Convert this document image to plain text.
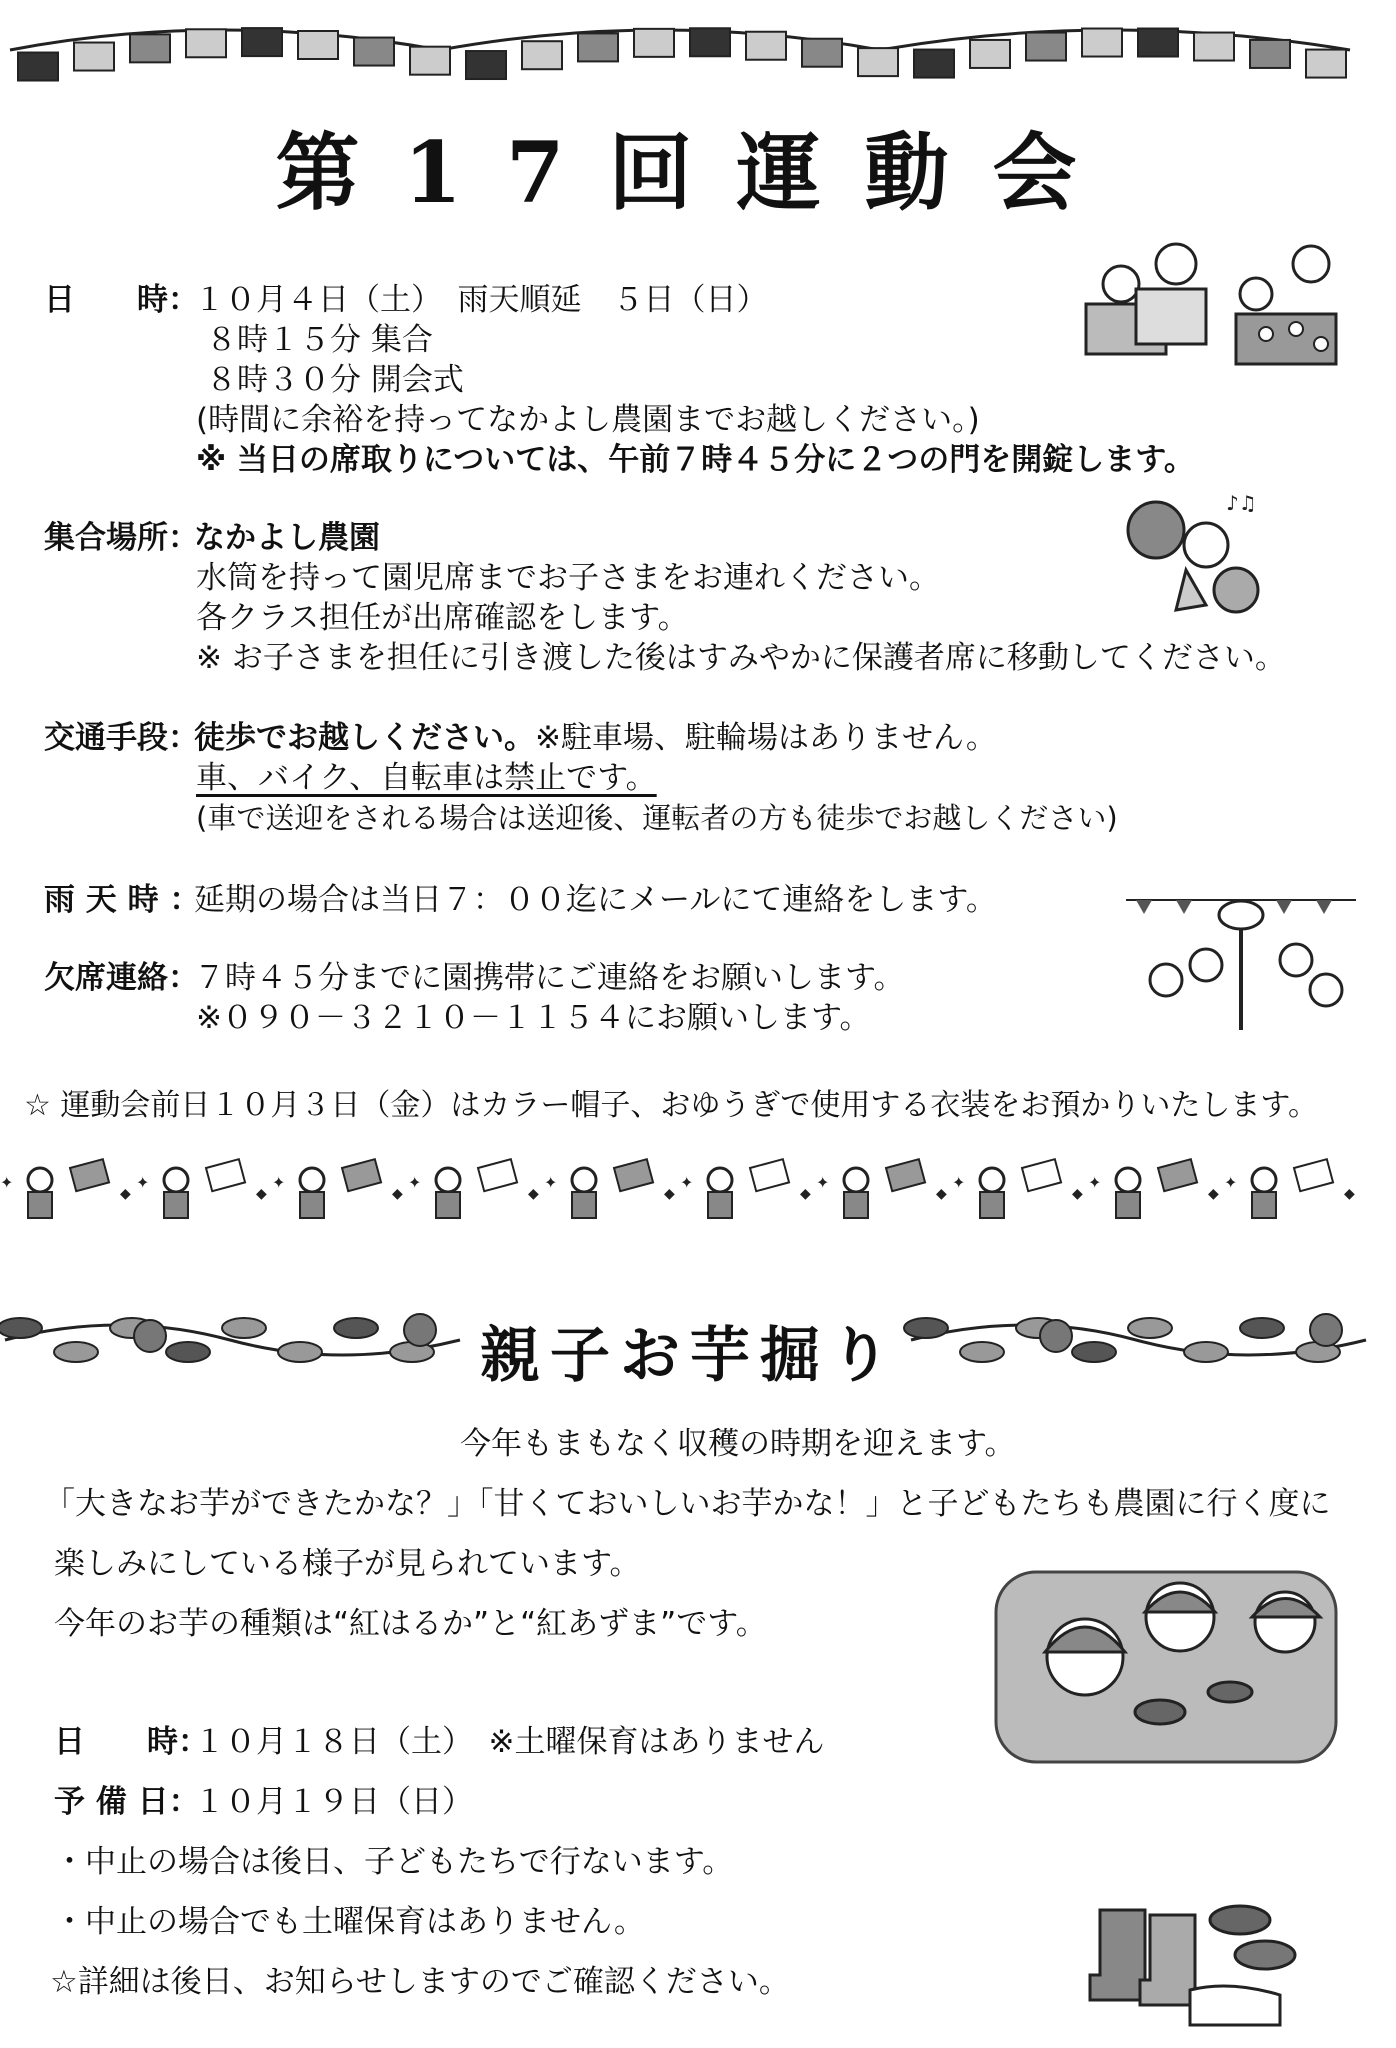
第17回運動会
日　　時：１０月４日（土）　雨天順延　５日（日）
８時１５分 集合
８時３０分 開会式
(時間に余裕を持ってなかよし農園までお越しください。)
※ 当日の席取りについては、午前７時４５分に２つの門を開錠します。
集合場所：なかよし農園
水筒を持って園児席までお子さまをお連れください。
各クラス担任が出席確認をします。
※ お子さまを担任に引き渡した後はすみやかに保護者席に移動してください。
交通手段：徒歩でお越しください。※駐車場、駐輪場はありません。
車、バイク、自転車は禁止です。
(車で送迎をされる場合は送迎後、運転者の方も徒歩でお越しください)
雨 天 時 ：延期の場合は当日７：００迄にメールにて連絡をします。
欠席連絡：７時４５分までに園携帯にご連絡をお願いします。
※０９０－３２１０－１１５４にお願いします。
☆ 運動会前日１０月３日（金）はカラー帽子、おゆうぎで使用する衣装をお預かりいたします。
♪♫
✦
◆
✦
◆
✦
◆
✦
◆
✦
◆
✦
◆
✦
◆
✦
◆
✦
◆
✦
◆
親子お芋掘り
今年もまもなく収穫の時期を迎えます。
「大きなお芋ができたかな？」「甘くておいしいお芋かな！」と子どもたちも農園に行く度に
楽しみにしている様子が見られています。
今年のお芋の種類は“紅はるか”と“紅あずま”です。
日　　時：１０月１８日（土）　※土曜保育はありません
予 備 日：１０月１９日（日）
・中止の場合は後日、子どもたちで行ないます。
・中止の場合でも土曜保育はありません。
☆詳細は後日、お知らせしますのでご確認ください。
